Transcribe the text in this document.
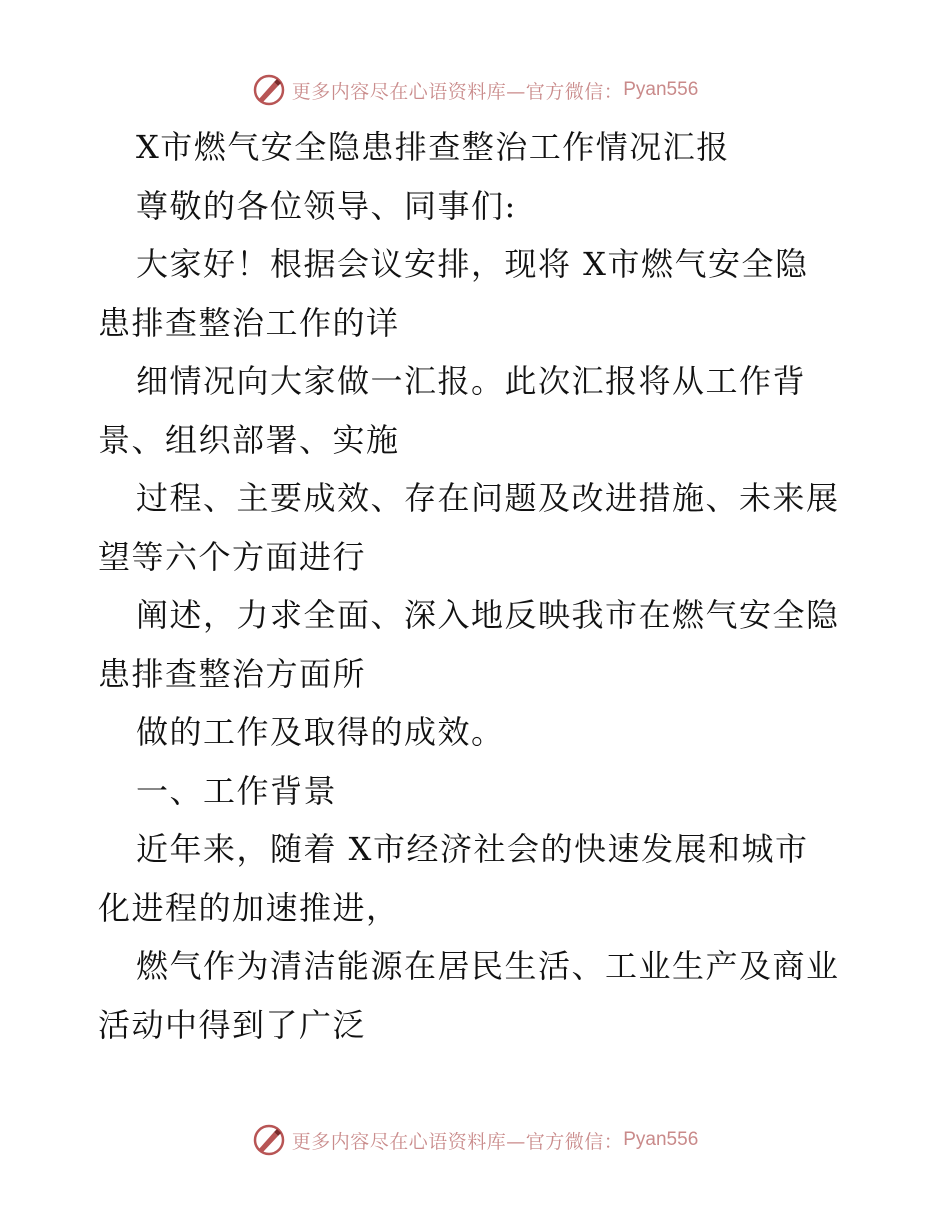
更多内容尽在心语资料库—官方微信： Pyan556
X市燃气安全隐患排查整治工作情况汇报
尊敬的各位领导、同事们:
大家好！根据会议安排，现将 X市燃气安全隐
患排查整治工作的详
细情况向大家做一汇报。此次汇报将从工作背
景、组织部署、实施
过程、主要成效、存在问题及改进措施、未来展
望等六个方面进行
阐述，力求全面、深入地反映我市在燃气安全隐
患排查整治方面所
做的工作及取得的成效。
一、工作背景
近年来，随着 X市经济社会的快速发展和城市
化进程的加速推进，
燃气作为清洁能源在居民生活、工业生产及商业
活动中得到了广泛
更多内容尽在心语资料库—官方微信： Pyan556
